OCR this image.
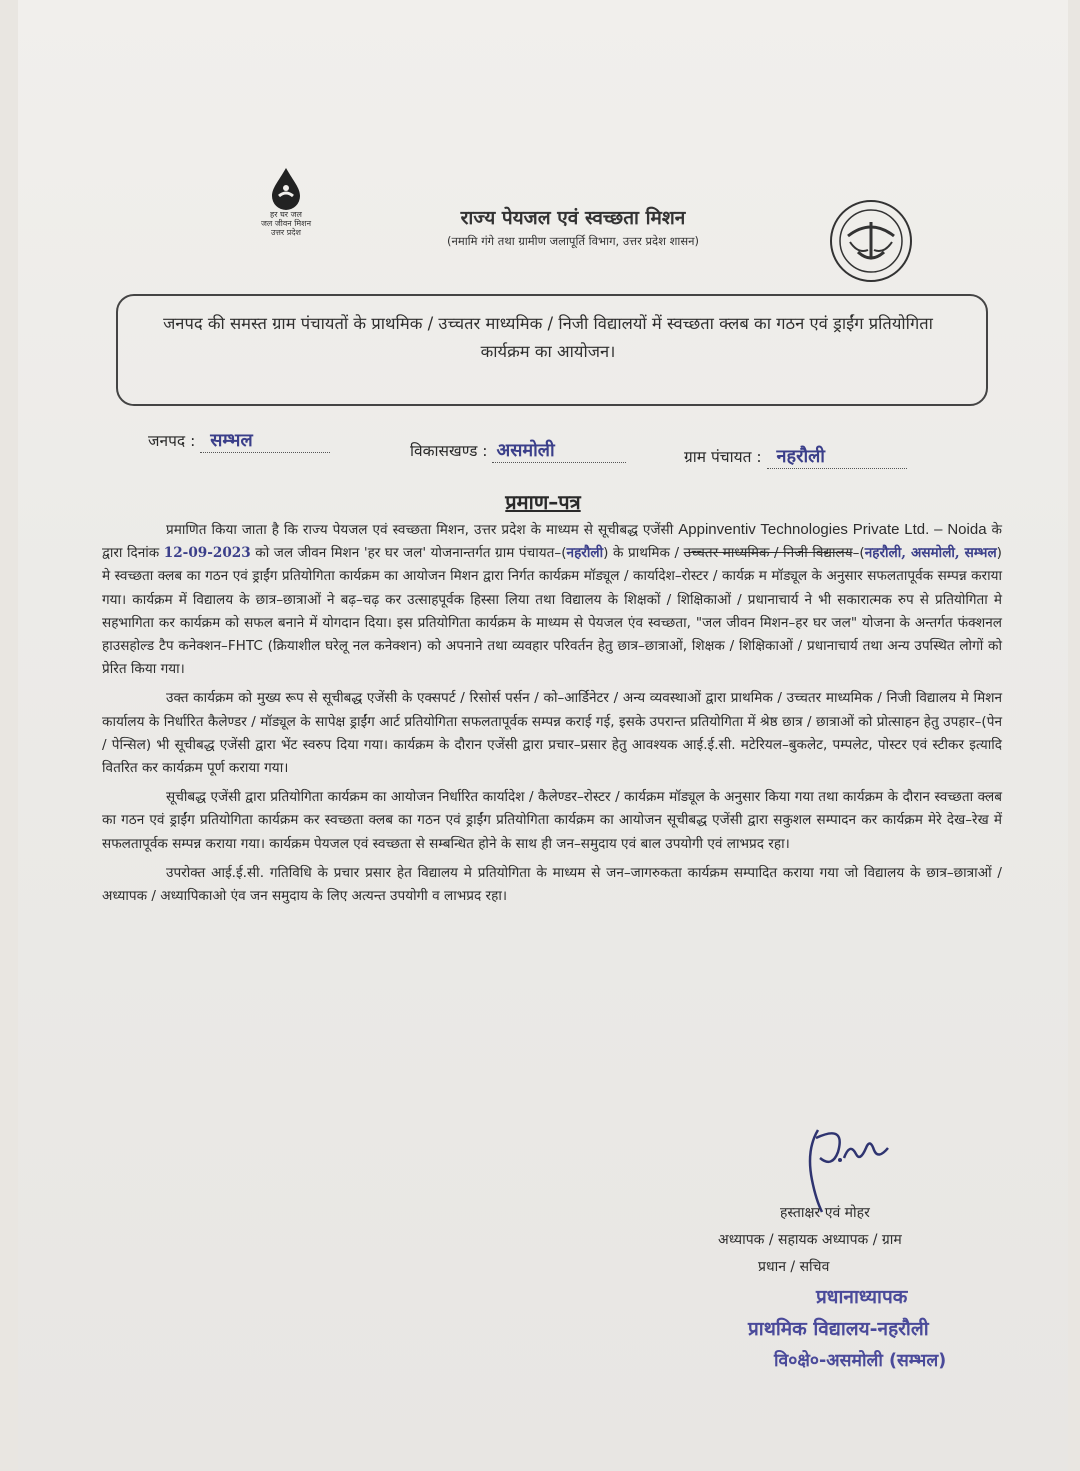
हर घर जल
जल जीवन मिशन
उत्तर प्रदेश
राज्य पेयजल एवं स्वच्छता मिशन
(नमामि गंगे तथा ग्रामीण जलापूर्ति विभाग, उत्तर प्रदेश शासन)
जनपद की समस्त ग्राम पंचायतों के प्राथमिक / उच्चतर माध्यमिक / निजी विद्यालयों में स्वच्छता क्लब का गठन एवं ड्राईंग प्रतियोगिता कार्यक्रम का आयोजन।
जनपद : सम्भल	विकासखण्ड : असमोली	ग्राम पंचायत : नहरौली
प्रमाण–पत्र

प्रमाणित किया जाता है कि राज्य पेयजल एवं स्वच्छता मिशन, उत्तर प्रदेश के माध्यम से सूचीबद्ध एजेंसी Appinventiv Technologies Private Ltd. – Noida के द्वारा दिनांक 12-09-2023 को जल जीवन मिशन 'हर घर जल' योजनान्तर्गत ग्राम पंचायत–(नहरौली) के प्राथमिक / उच्चतर माध्यमिक / निजी विद्यालय–(नहरौली, असमोली, सम्भल) मे स्वच्छता क्लब का गठन एवं ड्राईंग प्रतियोगिता कार्यक्रम का आयोजन मिशन द्वारा निर्गत कार्यक्रम मॉड्यूल / कार्यादेश–रोस्टर / कार्यक्र म मॉड्यूल के अनुसार सफलतापूर्वक सम्पन्न कराया गया। कार्यक्रम में विद्यालय के छात्र–छात्राओं ने बढ़–चढ़ कर उत्साहपूर्वक हिस्सा लिया तथा विद्यालय के शिक्षकों / शिक्षिकाओं / प्रधानाचार्य ने भी सकारात्मक रुप से प्रतियोगिता मे सहभागिता कर कार्यक्रम को सफल बनाने में योगदान दिया। इस प्रतियोगिता कार्यक्रम के माध्यम से पेयजल एंव स्वच्छता, "जल जीवन मिशन–हर घर जल" योजना के अन्तर्गत फंक्शनल हाउसहोल्ड टैप कनेक्शन–FHTC (क्रियाशील घरेलू नल कनेक्शन) को अपनाने तथा व्यवहार परिवर्तन हेतु छात्र–छात्राओं, शिक्षक / शिक्षिकाओं / प्रधानाचार्य तथा अन्य उपस्थित लोगों को प्रेरित किया गया।

उक्त कार्यक्रम को मुख्य रूप से सूचीबद्ध एजेंसी के एक्सपर्ट / रिसोर्स पर्सन / को–आर्डिनेटर / अन्य व्यवस्थाओं द्वारा प्राथमिक / उच्चतर माध्यमिक / निजी विद्यालय मे मिशन कार्यालय के निर्धारित कैलेण्डर / मॉड्यूल के सापेक्ष ड्राईंग आर्ट प्रतियोगिता सफलतापूर्वक सम्पन्न कराई गई, इसके उपरान्त प्रतियोगिता में श्रेष्ठ छात्र / छात्राओं को प्रोत्साहन हेतु उपहार–(पेन / पेन्सिल) भी सूचीबद्ध एजेंसी द्वारा भेंट स्वरुप दिया गया। कार्यक्रम के दौरान एजेंसी द्वारा प्रचार–प्रसार हेतु आवश्यक आई.ई.सी. मटेरियल–बुकलेट, पम्पलेट, पोस्टर एवं स्टीकर इत्यादि वितरित कर कार्यक्रम पूर्ण कराया गया।

सूचीबद्ध एजेंसी द्वारा प्रतियोगिता कार्यक्रम का आयोजन निर्धारित कार्यादेश / कैलेण्डर–रोस्टर / कार्यक्रम मॉड्यूल के अनुसार किया गया तथा कार्यक्रम के दौरान स्वच्छता क्लब का गठन एवं ड्राईंग प्रतियोगिता कार्यक्रम कर स्वच्छता क्लब का गठन एवं ड्राईंग प्रतियोगिता कार्यक्रम का आयोजन सूचीबद्ध एजेंसी द्वारा सकुशल सम्पादन कर कार्यक्रम मेरे देख–रेख में सफलतापूर्वक सम्पन्न कराया गया। कार्यक्रम पेयजल एवं स्वच्छता से सम्बन्धित होने के साथ ही जन–समुदाय एवं बाल उपयोगी एवं लाभप्रद रहा।

उपरोक्त आई.ई.सी. गतिविधि के प्रचार प्रसार हेत विद्यालय मे प्रतियोगिता के माध्यम से जन–जागरुकता कार्यक्रम सम्पादित कराया गया जो विद्यालय के छात्र–छात्राओं / अध्यापक / अध्यापिकाओ एंव जन समुदाय के लिए अत्यन्त उपयोगी व लाभप्रद रहा।

हस्ताक्षर एवं मोहर
अध्यापक / सहायक अध्यापक / ग्राम
प्रधान / सचिव
प्रधानाध्यापक
प्राथमिक विद्यालय-नहरौली
वि०क्षे०-असमोली (सम्भल)
